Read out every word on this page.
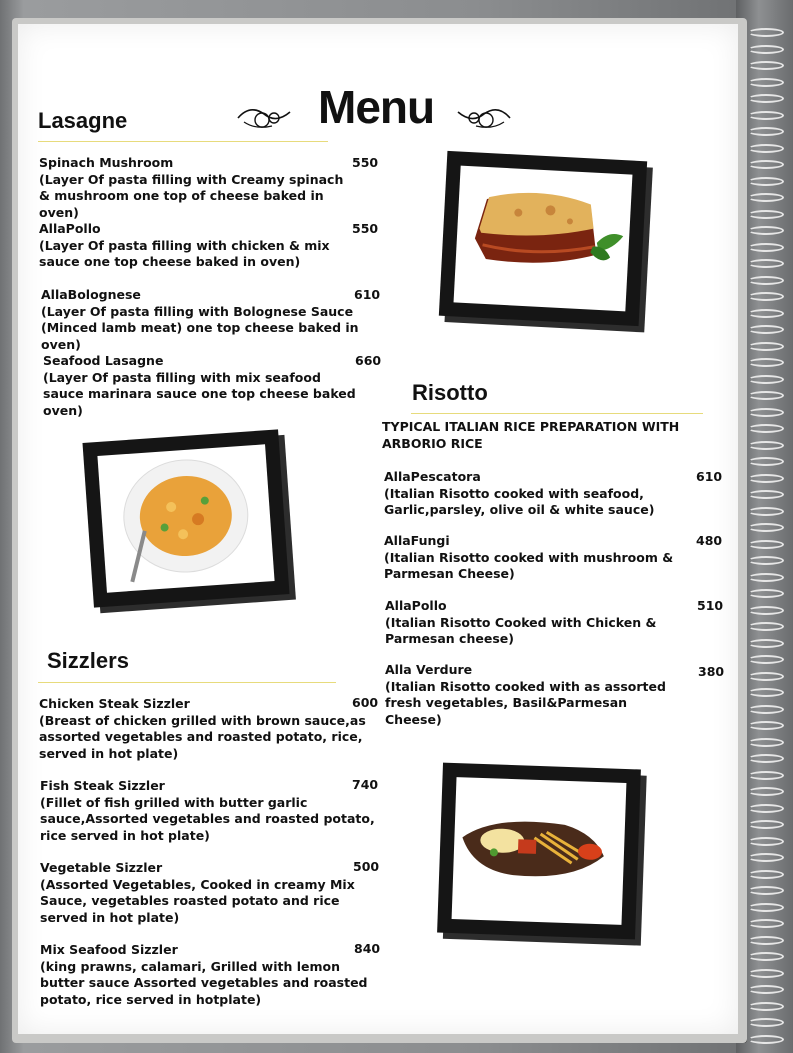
Menu
Lasagne
Spinach Mushroom
(Layer Of pasta filling with Creamy spinach & mushroom one top of cheese baked in oven)
550
AllaPollo
(Layer Of pasta filling with chicken & mix sauce one top cheese baked in oven)
550
AllaBolognese
(Layer Of pasta filling with Bolognese Sauce (Minced lamb meat) one top cheese baked in oven)
610
Seafood Lasagne
(Layer Of pasta filling with mix seafood sauce marinara sauce one top cheese baked oven)
660
Risotto
TYPICAL ITALIAN RICE PREPARATION WITH ARBORIO RICE
AllaPescatora
(Italian Risotto cooked with seafood, Garlic,parsley, olive oil & white sauce)
610
AllaFungi
(Italian Risotto cooked with mushroom & Parmesan Cheese)
480
AllaPollo
(Italian Risotto Cooked with Chicken & Parmesan cheese)
510
Alla Verdure
(Italian Risotto cooked with as assorted fresh vegetables, Basil&Parmesan Cheese)
380
Sizzlers
Chicken Steak Sizzler
(Breast of chicken grilled with brown sauce,as assorted vegetables and roasted potato, rice, served in hot plate)
600
Fish Steak Sizzler
(Fillet of fish grilled with butter garlic sauce,Assorted vegetables and roasted potato, rice served in hot plate)
740
Vegetable Sizzler
(Assorted Vegetables, Cooked in creamy Mix Sauce, vegetables roasted potato and rice served in hot plate)
500
Mix Seafood Sizzler
(king prawns, calamari, Grilled with lemon butter sauce Assorted vegetables and roasted potato, rice served in hotplate)
840
